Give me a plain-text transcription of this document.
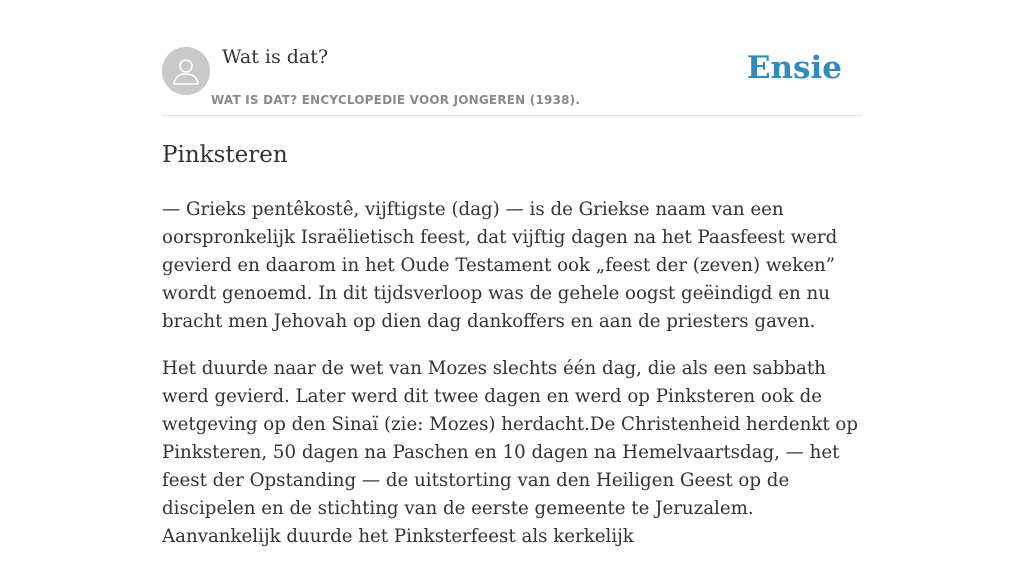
Wat is dat?
WAT IS DAT? ENCYCLOPEDIE VOOR JONGEREN (1938).
Ensie
Pinksteren

— Grieks pentêkostê, vijftigste (dag) — is de Griekse naam van een oorspronkelijk Israëlietisch feest, dat vijftig dagen na het Paasfeest werd gevierd en daarom in het Oude Testament ook „feest der (zeven) weken” wordt genoemd. In dit tijdsverloop was de gehele oogst geëindigd en nu bracht men Jehovah op dien dag dankoffers en aan de priesters gaven.

Het duurde naar de wet van Mozes slechts één dag, die als een sabbath werd gevierd. Later werd dit twee dagen en werd op Pinksteren ook de wetgeving op den Sinaï (zie: Mozes) herdacht.De Christenheid herdenkt op Pinksteren, 50 dagen na Paschen en 10 dagen na Hemelvaartsdag, — het feest der Opstanding — de uitstorting van den Heiligen Geest op de discipelen en de stichting van de eerste gemeente te Jeruzalem. Aanvankelijk duurde het Pinksterfeest als kerkelijk
